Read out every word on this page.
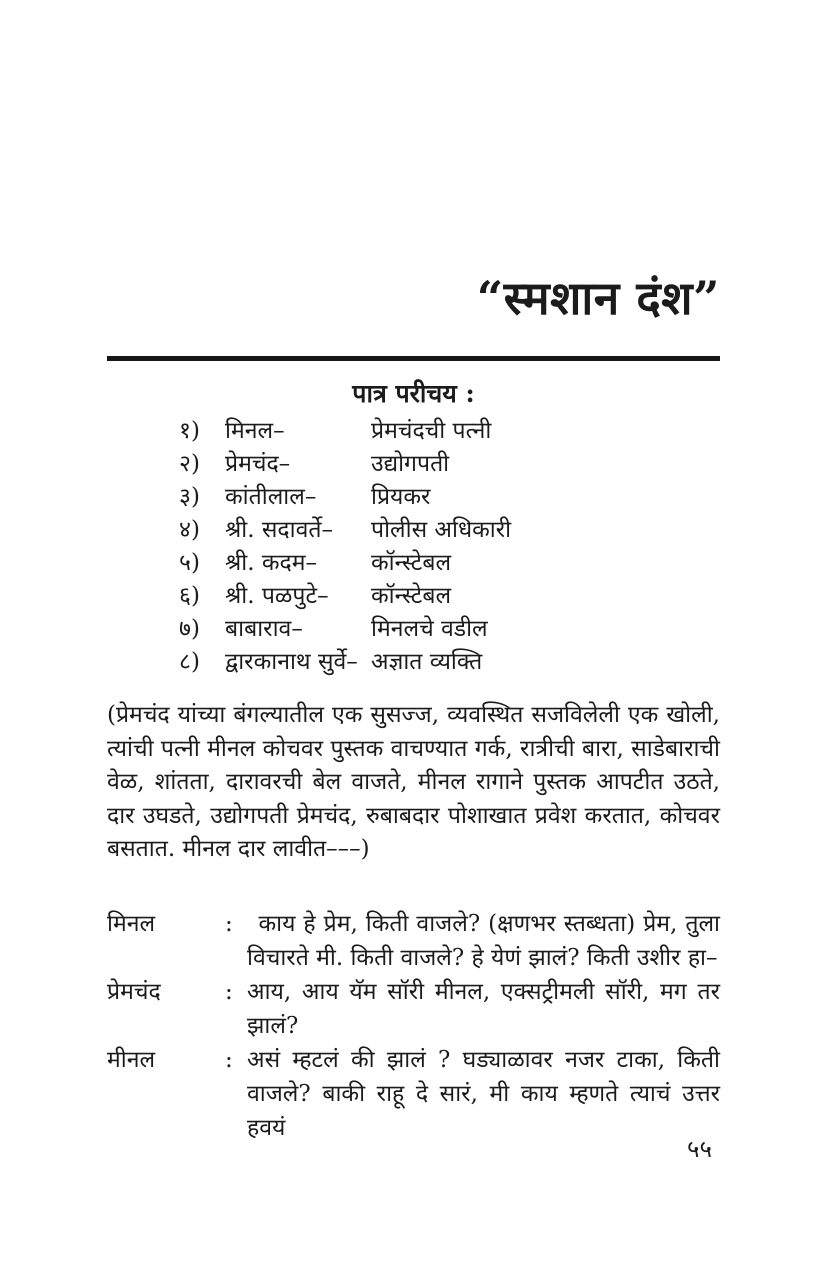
“स्मशान दंश”
पात्र परीचय :
१)	मिनल–	प्रेमचंदची पत्नी
२)	प्रेमचंद–	उद्योगपती
३)	कांतीलाल–	प्रियकर
४)	श्री. सदावर्ते–	पोलीस अधिकारी
५)	श्री. कदम–	कॉन्स्टेबल
६)	श्री. पळपुटे–	कॉन्स्टेबल
७)	बाबाराव–	मिनलचे वडील
८)	द्वारकानाथ सुर्वे– अज्ञात व्यक्ति

(प्रेमचंद यांच्या बंगल्यातील एक सुसज्ज, व्यवस्थित सजविलेली एक खोली, त्यांची पत्नी मीनल कोचवर पुस्तक वाचण्यात गर्क, रात्रीची बारा, साडेबाराची वेळ, शांतता, दारावरची बेल वाजते, मीनल रागाने पुस्तक आपटीत उठते, दार उघडते, उद्योगपती प्रेमचंद, रुबाबदार पोशाखात प्रवेश करतात, कोचवर बसतात. मीनल दार लावीत–––)

मिनल	:  काय हे प्रेम, किती वाजले? (क्षणभर स्तब्धता) प्रेम, तुला विचारते मी. किती वाजले? हे येणं झालं? किती उशीर हा–
प्रेमचंद	: आय, आय यॅम सॉरी मीनल, एक्सट्रीमली सॉरी, मग तर झालं?
मीनल	: असं म्हटलं की झालं ? घड्याळावर नजर टाका, किती वाजले? बाकी राहू दे सारं, मी काय म्हणते त्याचं उत्तर हवयं
५५
